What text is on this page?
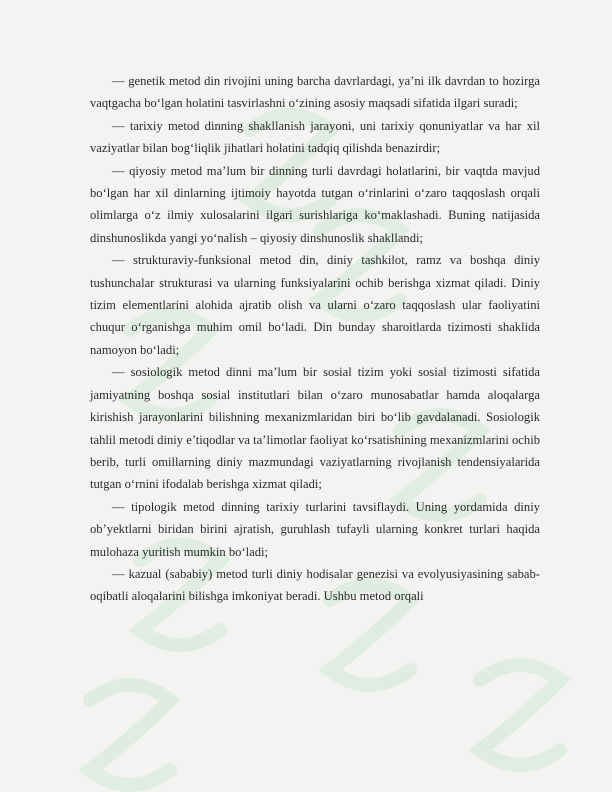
— genetik metod din rivojini uning barcha davrlardagi, ya’ni ilk davrdan to hozirga vaqtgacha bo‘lgan holatini tasvirlashni o‘zining asosiy maqsadi sifatida ilgari suradi;

— tarixiy metod dinning shakllanish jarayoni, uni tarixiy qonuniyatlar va har xil vaziyatlar bilan bog‘liqlik jihatlari holatini tadqiq qilishda benazirdir;

— qiyosiy metod ma’lum bir dinning turli davrdagi holatlarini, bir vaqtda mavjud bo‘lgan har xil dinlarning ijtimoiy hayotda tutgan o‘rinlarini o‘zaro taqqoslash orqali olimlarga o‘z ilmiy xulosalarini ilgari surishlariga ko‘maklashadi. Buning natijasida dinshunoslikda yangi yo‘nalish – qiyosiy dinshunoslik shakllandi;

— strukturaviy-funksional metod din, diniy tashkilot, ramz va boshqa diniy tushunchalar strukturasi va ularning funksiyalarini ochib berishga xizmat qiladi. Diniy tizim elementlarini alohida ajratib olish va ularni o‘zaro taqqoslash ular faoliyatini chuqur o‘rganishga muhim omil bo‘ladi. Din bunday sharoitlarda tizimosti shaklida namoyon bo‘ladi;

— sosiologik metod dinni ma’lum bir sosial tizim yoki sosial tizimosti sifatida jamiyatning boshqa sosial institutlari bilan o‘zaro munosabatlar hamda aloqalarga kirishish jarayonlarini bilishning mexanizmlaridan biri bo‘lib gavdalanadi. Sosiologik tahlil metodi diniy e’tiqodlar va ta’limotlar faoliyat ko‘rsatishining mexanizmlarini ochib berib, turli omillarning diniy mazmundagi vaziyatlarning rivojlanish tendensiyalarida tutgan o‘rnini ifodalab berishga xizmat qiladi;

— tipologik metod dinning tarixiy turlarini tavsiflaydi. Uning yordamida diniy ob’yektlarni biridan birini ajratish, guruhlash tufayli ularning konkret turlari haqida mulohaza yuritish mumkin bo‘ladi;

— kazual (sababiy) metod turli diniy hodisalar genezisi va evolyusiyasining sabab-oqibatli aloqalarini bilishga imkoniyat beradi. Ushbu metod orqali
